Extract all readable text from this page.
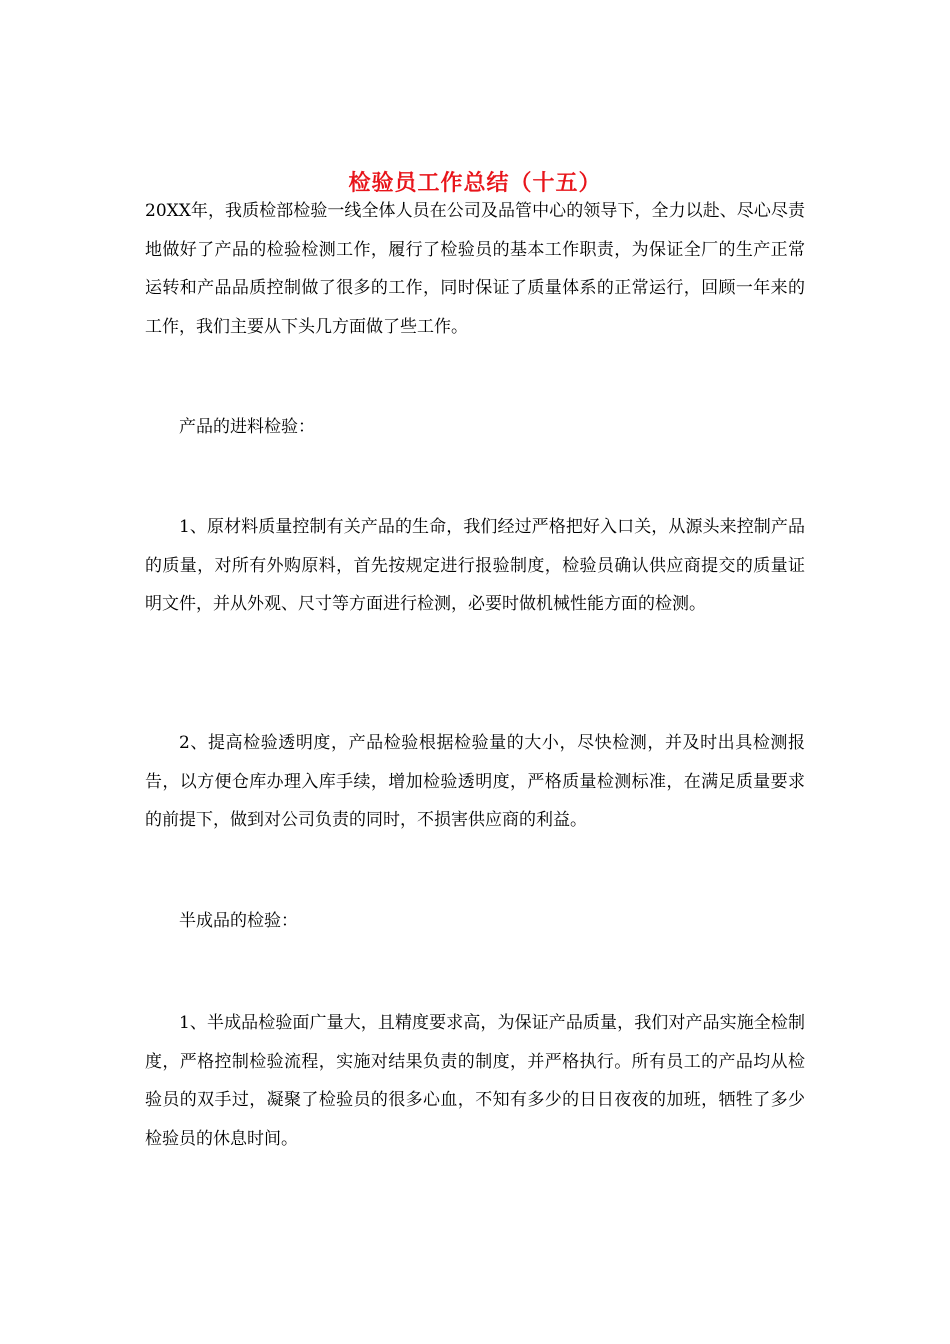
检验员工作总结（十五）

20XX年，我质检部检验一线全体人员在公司及品管中心的领导下，全力以赴、尽心尽责地做好了产品的检验检测工作，履行了检验员的基本工作职责，为保证全厂的生产正常运转和产品品质控制做了很多的工作，同时保证了质量体系的正常运行，回顾一年来的工作，我们主要从下头几方面做了些工作。

产品的进料检验：

1、原材料质量控制有关产品的生命，我们经过严格把好入口关，从源头来控制产品的质量，对所有外购原料，首先按规定进行报验制度，检验员确认供应商提交的质量证明文件，并从外观、尺寸等方面进行检测，必要时做机械性能方面的检测。

2、提高检验透明度，产品检验根据检验量的大小，尽快检测，并及时出具检测报告，以方便仓库办理入库手续，增加检验透明度，严格质量检测标准，在满足质量要求的前提下，做到对公司负责的同时，不损害供应商的利益。

半成品的检验：

1、半成品检验面广量大，且精度要求高，为保证产品质量，我们对产品实施全检制度，严格控制检验流程，实施对结果负责的制度，并严格执行。所有员工的产品均从检验员的双手过，凝聚了检验员的很多心血，不知有多少的日日夜夜的加班，牺牲了多少检验员的休息时间。
